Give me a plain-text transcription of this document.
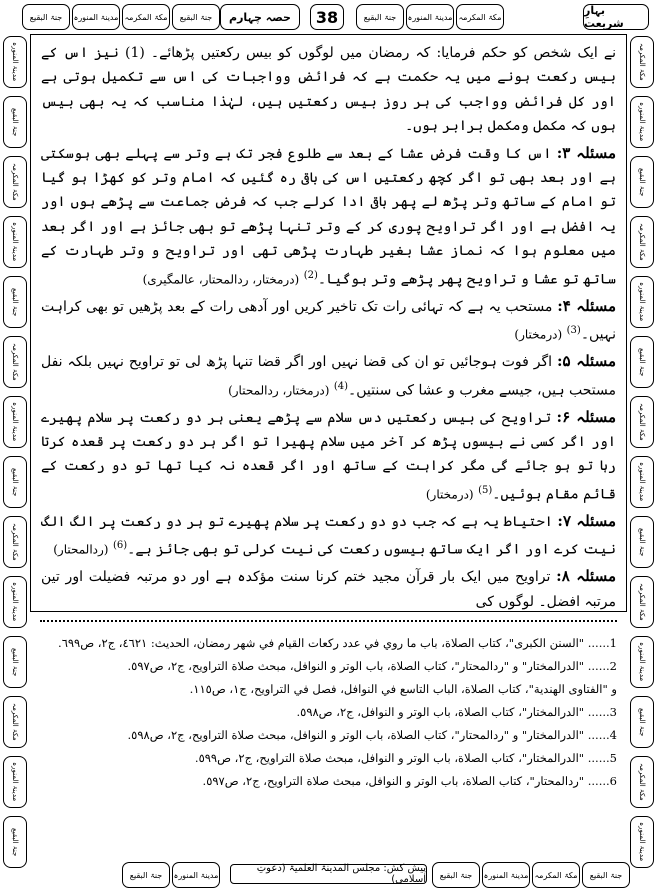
جنۃ البقیع مدینۃ المنورہ مکۃ المکرمہ جنۃ البقیع	بہارِ شریعت
38	جنۃ البقیع مدینۃ المنورہ مکۃ المکرمہ
حصہ چہارم
مدینۃ المنورہ
جنۃ البقیع
مکۃ المکرمہ
مدینۃ المنورہ
جنۃ البقیع
مکۃ المکرمہ
مدینۃ المنورہ
جنۃ البقیع
مکۃ المکرمہ
مدینۃ المنورہ
جنۃ البقیع
مکۃ المکرمہ
مدینۃ المنورہ
جنۃ البقیع
مکۃ المکرمہ
مدینۃ المنورہ
جنۃ البقیع
مکۃ المکرمہ
مدینۃ المنورہ
جنۃ البقیع
مکۃ المکرمہ
مدینۃ المنورہ
جنۃ البقیع
مکۃ المکرمہ
مدینۃ المنورہ
جنۃ البقیع
مکۃ المکرمہ
مدینۃ المنورہ

نے ایک شخص کو حکم فرمایا: کہ رمضان میں لوگوں کو بیس رکعتیں پڑھائے۔ (1) نیز اس کے بیس رکعت ہونے میں یہ حکمت ہے کہ فرائض وواجبات کی اس سے تکمیل ہوتی ہے اور کل فرائض وواجب کی ہر روز بیس رکعتیں ہیں، لہٰذا مناسب کہ یہ بھی بیس ہوں کہ مکمل ومکمل برابر ہوں۔

مسئلہ ۳: اس کا وقت فرض عشا کے بعد سے طلوع فجر تک ہے وتر سے پہلے بھی ہوسکتی ہے اور بعد بھی تو اگر کچھ رکعتیں اس کی باقی رہ گئیں کہ امام وتر کو کھڑا ہو گیا تو امام کے ساتھ وتر پڑھ لے پھر باقی ادا کرلے جب کہ فرض جماعت سے پڑھے ہوں اور یہ افضل ہے اور اگر تراویح پوری کر کے وتر تنہا پڑھے تو بھی جائز ہے اور اگر بعد میں معلوم ہوا کہ نماز عشا بغیر طہارت پڑھی تھی اور تراویح و وتر طہارت کے ساتھ تو عشا و تراویح پھر پڑھے وتر ہوگیا۔$^{(2)}$ (درمختار، ردالمحتار، عالمگیری)

مسئلہ ۴: مستحب یہ ہے کہ تہائی رات تک تاخیر کریں اور آدھی رات کے بعد پڑھیں تو بھی کراہت نہیں۔$^{(3)}$ (درمختار)

مسئلہ ۵: اگر فوت ہوجائیں تو ان کی قضا نہیں اور اگر قضا تنہا پڑھ لی تو تراویح نہیں بلکہ نفل مستحب ہیں، جیسے مغرب و عشا کی سنتیں۔$^{(4)}$ (درمختار، ردالمحتار)

مسئلہ ۶: تراویح کی بیس رکعتیں دس سلام سے پڑھے یعنی ہر دو رکعت پر سلام پھیرے اور اگر کسی نے بیسوں پڑھ کر آخر میں سلام پھیرا تو اگر ہر دو رکعت پر قعدہ کرتا رہا تو ہو جائے گی مگر کراہت کے ساتھ اور اگر قعدہ نہ کیا تھا تو دو رکعت کے قائم مقام ہوئیں۔$^{(5)}$ (درمختار)

مسئلہ ۷: احتیاط یہ ہے کہ جب دو دو رکعت پر سلام پھیرے تو ہر دو رکعت پر الگ الگ نیت کرے اور اگر ایک ساتھ بیسوں رکعت کی نیت کرلی تو بھی جائز ہے۔$^{(6)}$ (ردالمحتار)

مسئلہ ۸: تراویح میں ایک بار قرآن مجید ختم کرنا سنت مؤکدہ ہے اور دو مرتبہ فضیلت اور تین مرتبہ افضل۔ لوگوں کی

1...... "السنن الکبرى"، كتاب الصلاة، باب ما روي في عدد ركعات القيام في شهر رمضان، الحديث: ٤٦٢١، ج٢، ص٦٩٩.
2...... "الدرالمختار" و "ردالمحتار"، كتاب الصلاة، باب الوتر و النوافل، مبحث صلاة التراويح، ج٢، ص٥٩٧.
و "الفتاوى الهندية"، كتاب الصلاة، الباب التاسع في النوافل، فصل في التراويح، ج١، ص١١٥.
3...... "الدرالمختار"، كتاب الصلاة، باب الوتر و النوافل، ج٢، ص٥٩٨.
4...... "الدرالمختار" و "ردالمحتار"، كتاب الصلاة، باب الوتر و النوافل، مبحث صلاة التراويح، ج٢، ص٥٩٨.
5...... "الدرالمختار"، كتاب الصلاة، باب الوتر و النوافل، مبحث صلاة التراويح، ج٢، ص٥٩٩.
6...... "ردالمحتار"، كتاب الصلاة، باب الوتر و النوافل، مبحث صلاة التراويح، ج٢، ص٥٩٧.
جنۃ البقیع مدینۃ المنورہ
پیش کش: مجلس المدینۃ العلمیۃ (دعوتِ اسلامی) جنۃ البقیع مدینۃ المنورہ مکۃ المکرمہ جنۃ البقیع
